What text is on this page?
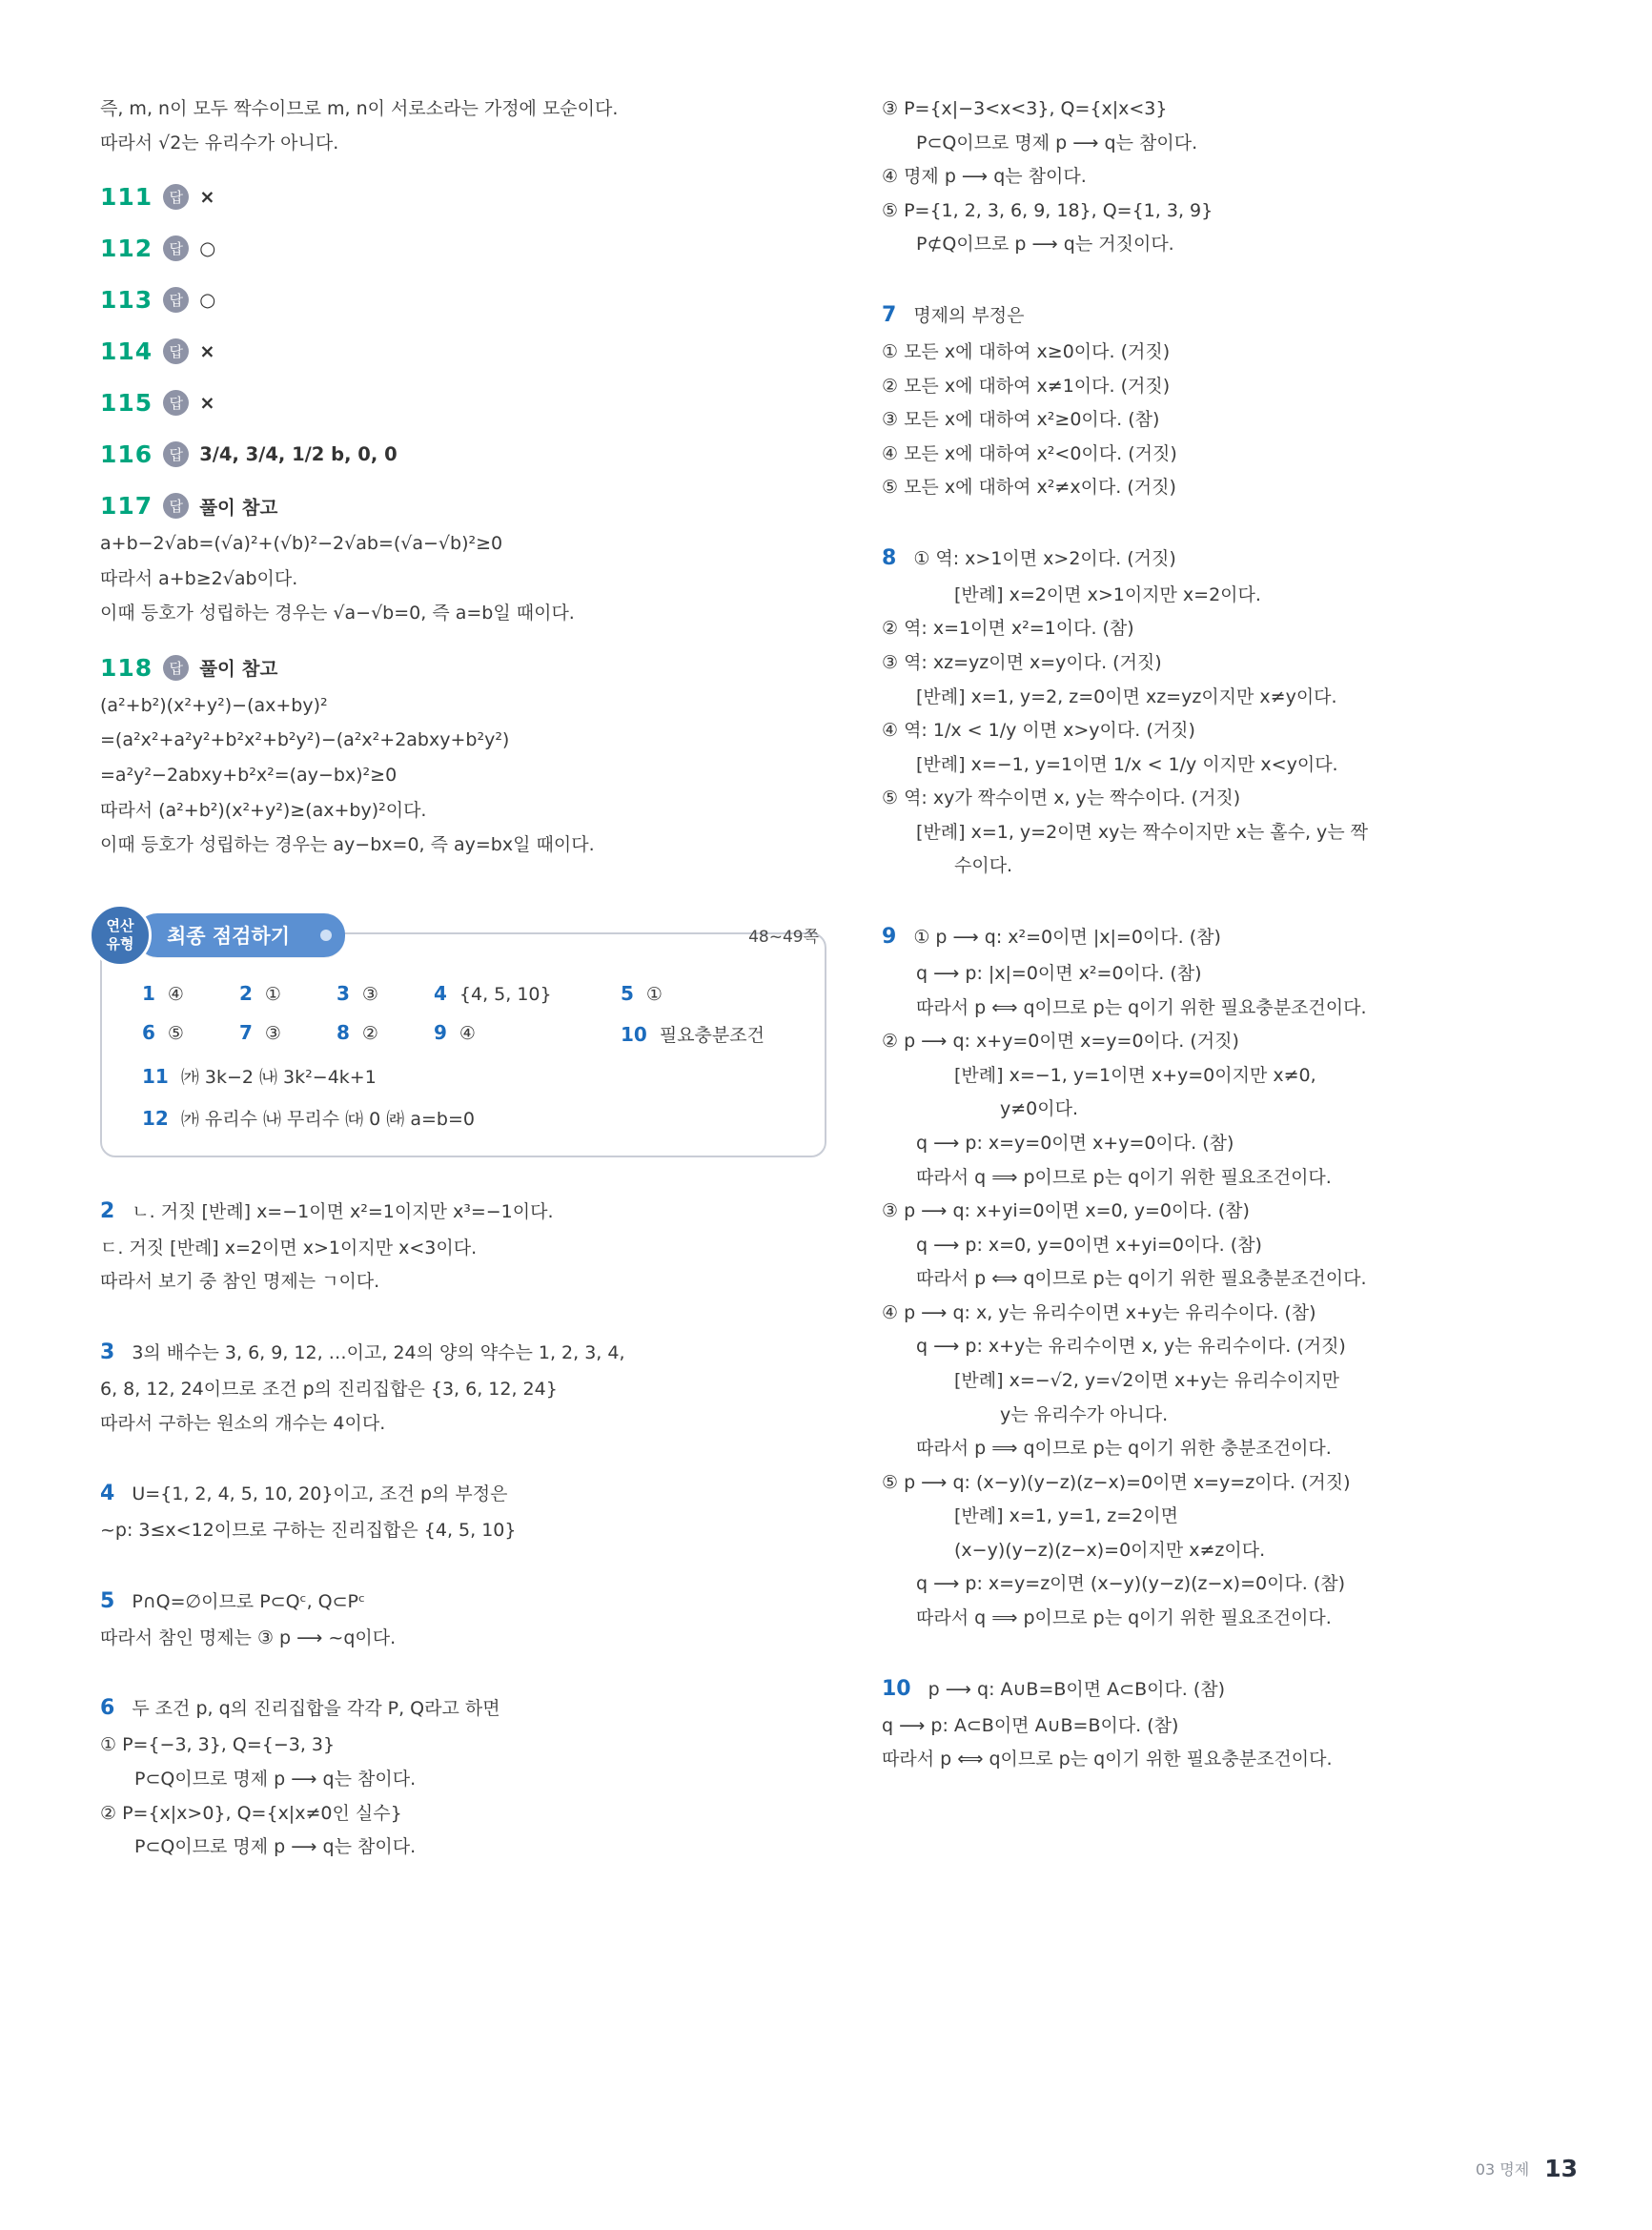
즉, m, n이 모두 짝수이므로 m, n이 서로소라는 가정에 모순이다.
따라서 √2는 유리수가 아니다.
111	답 ×
112	답 ○
113	답 ○
114	답 ×
115	답 ×
116	답 3/4, 3/4, 1/2 b, 0, 0
117	답 풀이 참고
a+b−2√ab=(√a)²+(√b)²−2√ab=(√a−√b)²≥0
따라서 a+b≥2√ab이다.
이때 등호가 성립하는 경우는 √a−√b=0, 즉 a=b일 때이다.
118	답 풀이 참고
(a²+b²)(x²+y²)−(ax+by)²
=(a²x²+a²y²+b²x²+b²y²)−(a²x²+2abxy+b²y²)
=a²y²−2abxy+b²x²=(ay−bx)²≥0
따라서 (a²+b²)(x²+y²)≥(ax+by)²이다.
이때 등호가 성립하는 경우는 ay−bx=0, 즉 ay=bx일 때이다.
연산
유형	최종 점검하기	48~49쪽
1 ④	2 ①	3 ③	4 {4, 5, 10}	5 ①
6 ⑤	7 ③	8 ②	9 ④	10 필요충분조건
11 ㈎ 3k−2 ㈏ 3k²−4k+1
12 ㈎ 유리수 ㈏ 무리수 ㈐ 0 ㈑ a=b=0
2 ㄴ. 거짓 [반례] x=−1이면 x²=1이지만 x³=−1이다.
ㄷ. 거짓 [반례] x=2이면 x>1이지만 x<3이다.
따라서 보기 중 참인 명제는 ㄱ이다.
3 3의 배수는 3, 6, 9, 12, …이고, 24의 양의 약수는 1, 2, 3, 4,
6, 8, 12, 24이므로 조건 p의 진리집합은 {3, 6, 12, 24}
따라서 구하는 원소의 개수는 4이다.
4 U={1, 2, 4, 5, 10, 20}이고, 조건 p의 부정은
~p: 3≤x<12이므로 구하는 진리집합은 {4, 5, 10}
5 P∩Q=∅이므로 P⊂Qᶜ, Q⊂Pᶜ
따라서 참인 명제는 ③ p ⟶ ~q이다.
6 두 조건 p, q의 진리집합을 각각 P, Q라고 하면
① P={−3, 3}, Q={−3, 3}
P⊂Q이므로 명제 p ⟶ q는 참이다.
② P={x|x>0}, Q={x|x≠0인 실수}
P⊂Q이므로 명제 p ⟶ q는 참이다.
③ P={x|−3<x<3}, Q={x|x<3}
P⊂Q이므로 명제 p ⟶ q는 참이다.
④ 명제 p ⟶ q는 참이다.
⑤ P={1, 2, 3, 6, 9, 18}, Q={1, 3, 9}
P⊄Q이므로 p ⟶ q는 거짓이다.
7 명제의 부정은
① 모든 x에 대하여 x≥0이다. (거짓)
② 모든 x에 대하여 x≠1이다. (거짓)
③ 모든 x에 대하여 x²≥0이다. (참)
④ 모든 x에 대하여 x²<0이다. (거짓)
⑤ 모든 x에 대하여 x²≠x이다. (거짓)
8 ① 역: x>1이면 x>2이다. (거짓)
[반례] x=2이면 x>1이지만 x=2이다.
② 역: x=1이면 x²=1이다. (참)
③ 역: xz=yz이면 x=y이다. (거짓)
[반례] x=1, y=2, z=0이면 xz=yz이지만 x≠y이다.
④ 역: 1/x < 1/y 이면 x>y이다. (거짓)
[반례] x=−1, y=1이면 1/x < 1/y 이지만 x<y이다.
⑤ 역: xy가 짝수이면 x, y는 짝수이다. (거짓)
[반례] x=1, y=2이면 xy는 짝수이지만 x는 홀수, y는 짝
수이다.
9 ① p ⟶ q: x²=0이면 |x|=0이다. (참)
q ⟶ p: |x|=0이면 x²=0이다. (참)
따라서 p ⟺ q이므로 p는 q이기 위한 필요충분조건이다.
② p ⟶ q: x+y=0이면 x=y=0이다. (거짓)
[반례] x=−1, y=1이면 x+y=0이지만 x≠0,
y≠0이다.
q ⟶ p: x=y=0이면 x+y=0이다. (참)
따라서 q ⟹ p이므로 p는 q이기 위한 필요조건이다.
③ p ⟶ q: x+yi=0이면 x=0, y=0이다. (참)
q ⟶ p: x=0, y=0이면 x+yi=0이다. (참)
따라서 p ⟺ q이므로 p는 q이기 위한 필요충분조건이다.
④ p ⟶ q: x, y는 유리수이면 x+y는 유리수이다. (참)
q ⟶ p: x+y는 유리수이면 x, y는 유리수이다. (거짓)
[반례] x=−√2, y=√2이면 x+y는 유리수이지만
y는 유리수가 아니다.
따라서 p ⟹ q이므로 p는 q이기 위한 충분조건이다.
⑤ p ⟶ q: (x−y)(y−z)(z−x)=0이면 x=y=z이다. (거짓)
[반례] x=1, y=1, z=2이면
(x−y)(y−z)(z−x)=0이지만 x≠z이다.
q ⟶ p: x=y=z이면 (x−y)(y−z)(z−x)=0이다. (참)
따라서 q ⟹ p이므로 p는 q이기 위한 필요조건이다.
10 p ⟶ q: A∪B=B이면 A⊂B이다. (참)
q ⟶ p: A⊂B이면 A∪B=B이다. (참)
따라서 p ⟺ q이므로 p는 q이기 위한 필요충분조건이다.
03 명제 13
